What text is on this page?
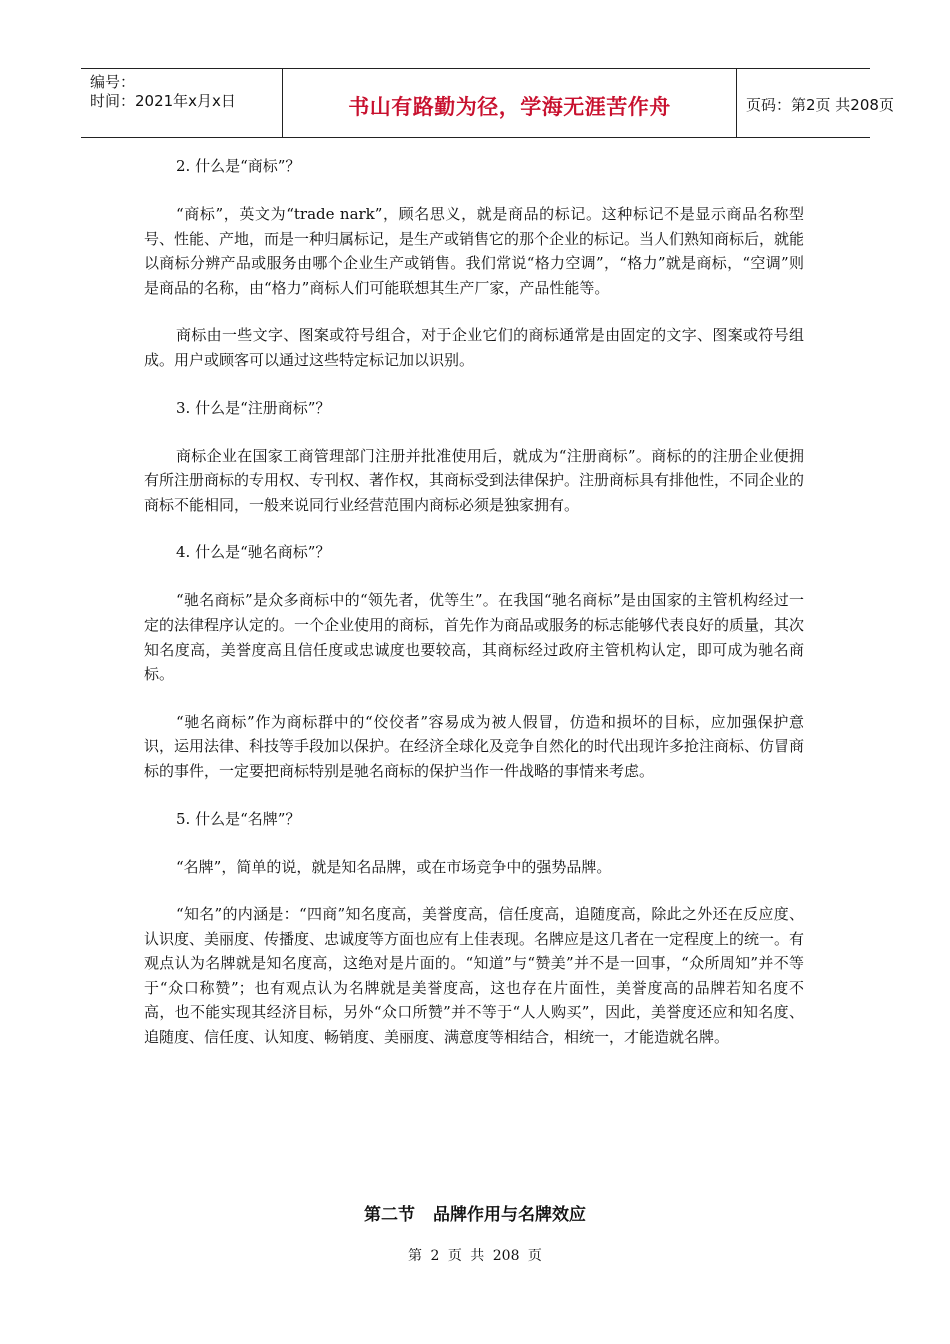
编号：
时间：2021年x月x日	书山有路勤为径，学海无涯苦作舟	页码：第2页 共208页

2. 什么是“商标”？

“商标”，英文为“trade nark”，顾名思义，就是商品的标记。这种标记不是显示商品名称型号、性能、产地，而是一种归属标记，是生产或销售它的那个企业的标记。当人们熟知商标后，就能以商标分辨产品或服务由哪个企业生产或销售。我们常说“格力空调”，“格力”就是商标，“空调”则是商品的名称，由“格力”商标人们可能联想其生产厂家，产品性能等。

商标由一些文字、图案或符号组合，对于企业它们的商标通常是由固定的文字、图案或符号组成。用户或顾客可以通过这些特定标记加以识别。

3. 什么是“注册商标”？

商标企业在国家工商管理部门注册并批准使用后，就成为“注册商标”。商标的的注册企业便拥有所注册商标的专用权、专刊权、著作权，其商标受到法律保护。注册商标具有排他性，不同企业的商标不能相同，一般来说同行业经营范围内商标必须是独家拥有。

4. 什么是“驰名商标”？

“驰名商标”是众多商标中的“领先者，优等生”。在我国“驰名商标”是由国家的主管机构经过一定的法律程序认定的。一个企业使用的商标，首先作为商品或服务的标志能够代表良好的质量，其次知名度高，美誉度高且信任度或忠诚度也要较高，其商标经过政府主管机构认定，即可成为驰名商标。

“驰名商标”作为商标群中的“佼佼者”容易成为被人假冒，仿造和损坏的目标，应加强保护意识，运用法律、科技等手段加以保护。在经济全球化及竞争自然化的时代出现许多抢注商标、仿冒商标的事件，一定要把商标特别是驰名商标的保护当作一件战略的事情来考虑。

5. 什么是“名牌”？

“名牌”，简单的说，就是知名品牌，或在市场竞争中的强势品牌。

“知名”的内涵是：“四商”知名度高，美誉度高，信任度高，追随度高，除此之外还在反应度、认识度、美丽度、传播度、忠诚度等方面也应有上佳表现。名牌应是这几者在一定程度上的统一。有观点认为名牌就是知名度高，这绝对是片面的。“知道”与“赞美”并不是一回事，“众所周知”并不等于“众口称赞”；也有观点认为名牌就是美誉度高，这也存在片面性，美誉度高的品牌若知名度不高，也不能实现其经济目标，另外“众口所赞”并不等于“人人购买”，因此，美誉度还应和知名度、追随度、信任度、认知度、畅销度、美丽度、满意度等相结合，相统一，才能造就名牌。

第二节 品牌作用与名牌效应
第 2 页 共 208 页
